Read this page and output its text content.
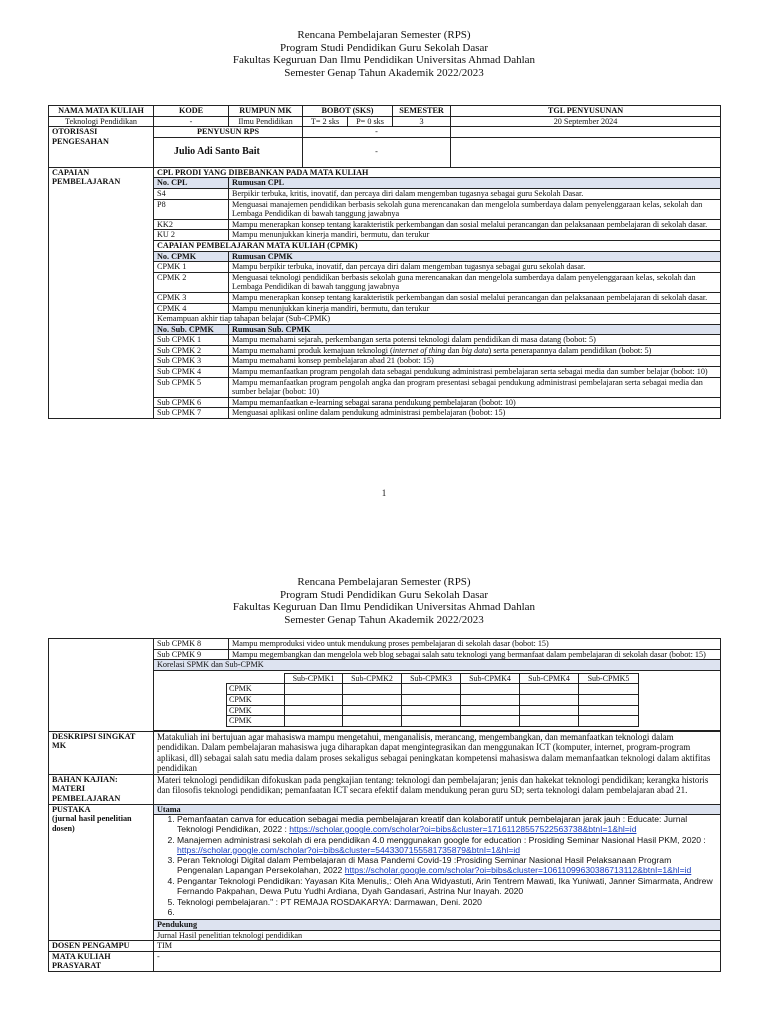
Rencana Pembelajaran Semester (RPS)
Program Studi Pendidikan Guru Sekolah Dasar
Fakultas Keguruan Dan Ilmu Pendidikan Universitas Ahmad Dahlan
Semester Genap Tahun Akademik 2022/2023
NAMA MATA KULIAH	KODE	RUMPUN MK	BOBOT (SKS)		SEMESTER	TGL PENYUSUNAN
Teknologi Pendidikan	-	Ilmu Pendidikan	T= 2 sks	P= 0 sks	3	20 September 2024
OTORISASI PENGESAHAN	PENYUSUN RPS		-			
	Julio Adi Santo Bait		-			
CAPAIAN PEMBELAJARAN	CPL PRODI YANG DIBEBANKAN PADA MATA KULIAH					
	No. CPL	Rumusan CPL				
	S4	Berpikir terbuka, kritis, inovatif, dan percaya diri dalam mengemban tugasnya sebagai guru Sekolah Dasar.				
	P8	Menguasai manajemen pendidikan berbasis sekolah guna merencanakan dan mengelola sumberdaya dalam penyelenggaraan kelas, sekolah dan Lembaga Pendidikan di bawah tanggung jawabnya				
	KK2	Mampu menerapkan konsep tentang karakteristik perkembangan dan sosial melalui perancangan dan pelaksanaan pembelajaran di sekolah dasar.				
	KU 2	Mampu menunjukkan kinerja mandiri, bermutu, dan terukur				
	CAPAIAN PEMBELAJARAN MATA KULIAH (CPMK)					
	No. CPMK	Rumusan CPMK				
	CPMK 1	Mampu berpikir terbuka, inovatif, dan percaya diri dalam mengemban tugasnya sebagai guru sekolah dasar.				
	CPMK 2	Menguasai teknologi pendidikan berbasis sekolah guna merencanakan dan mengelola sumberdaya dalam penyelenggaraan kelas, sekolah dan Lembaga Pendidikan di bawah tanggung jawabnya				
	CPMK 3	Mampu menerapkan konsep tentang karakteristik perkembangan dan sosial melalui perancangan dan pelaksanaan pembelajaran di sekolah dasar.				
	CPMK 4	Mampu menunjukkan kinerja mandiri, bermutu, dan terukur				
	Kemampuan akhir tiap tahapan belajar (Sub-CPMK)					
	No. Sub. CPMK	Rumusan Sub. CPMK				
	Sub CPMK 1	Mampu memahami sejarah, perkembangan serta potensi teknologi dalam pendidikan di masa datang (bobot: 5)				
	Sub CPMK 2	Mampu memahami produk kemajuan teknologi (internet of thing dan big data) serta penerapannya dalam pendidikan (bobot: 5)				
	Sub CPMK 3	Mampu memahami konsep pembelajaran abad 21 (bobot: 15)				
	Sub CPMK 4	Mampu memanfaatkan program pengolah data sebagai pendukung administrasi pembelajaran serta sebagai media dan sumber belajar (bobot: 10)				
	Sub CPMK 5	Mampu memanfaatkan program pengolah angka dan program presentasi sebagai pendukung administrasi pembelajaran serta sebagai media dan sumber belajar (bobot: 10)				
	Sub CPMK 6	Mampu memanfaatkan e-learning sebagai sarana pendukung pembelajaran (bobot: 10)				
	Sub CPMK 7	Menguasai aplikasi online dalam pendukung administrasi pembelajaran (bobot: 15)				
1
Rencana Pembelajaran Semester (RPS)
Program Studi Pendidikan Guru Sekolah Dasar
Fakultas Keguruan Dan Ilmu Pendidikan Universitas Ahmad Dahlan
Semester Genap Tahun Akademik 2022/2023
	Sub CPMK 8	Mampu memproduksi video untuk mendukung proses pembelajaran di sekolah dasar (bobot: 15)
Sub CPMK 9	Mampu megembangkan dan mengelola web blog sebagai salah satu teknologi yang bermanfaat dalam pembelajaran di sekolah dasar (bobot: 15)
Korelasi SPMK dan Sub-CPMK

	Sub-CPMK1	Sub-CPMK2	Sub-CPMK3	Sub-CPMK4	Sub-CPMK4	Sub-CPMK5
CPMK						
CPMK						
CPMK						
CPMK						

DESKRIPSI SINGKAT MK	Matakuliah ini bertujuan agar mahasiswa mampu mengetahui, menganalisis, merancang, mengembangkan, dan memanfaatkan teknologi dalam pendidikan. Dalam pembelajaran mahasiswa juga diharapkan dapat mengintegrasikan dan menggunakan ICT (komputer, internet, program-program aplikasi, dll) sebagai salah satu media dalam proses sekaligus sebagai peningkatan kompetensi mahasiswa dalam memanfaatkan teknologi dalam aktifitas pendidikan
BAHAN KAJIAN: MATERI PEMBELAJARAN	Materi teknologi pendidikan difokuskan pada pengkajian tentang: teknologi dan pembelajaran; jenis dan hakekat teknologi pendidikan; kerangka historis dan filosofis teknologi pendidikan; pemanfaatan ICT secara efektif dalam mendukung peran guru SD; serta teknologi dalam pembelajaran abad 21.

PUSTAKA
(jurnal hasil penelitian dosen)
	Utama

1. Pemanfaatan canva for education sebagai media pembelajaran kreatif dan kolaboratif untuk pembelajaran jarak jauh : Educate: Jurnal Teknologi Pendidikan, 2022 : https://scholar.google.com/scholar?oi=bibs&cluster=17161128557522563738&btnI=1&hl=id
2. Manajemen administrasi sekolah di era pendidikan 4.0 menggunakan google for education : Prosiding Seminar Nasional Hasil PKM, 2020 : https://scholar.google.com/scholar?oi=bibs&cluster=5443307155581735879&btnI=1&hl=id
3. Peran Teknologi Digital dalam Pembelajaran di Masa Pandemi Covid-19 :Prosiding Seminar Nasional Hasil Pelaksanaan Program Pengenalan Lapangan Persekolahan, 2022 https://scholar.google.com/scholar?oi=bibs&cluster=10611099630386713112&btnI=1&hl=id
4. Pengantar Teknologi Pendidikan: Yayasan Kita Menulis,: Oleh Ana Widyastuti, Arin Tentrem Mawati, Ika Yuniwati, Janner Simarmata, Andrew Fernando Pakpahan, Dewa Putu Yudhi Ardiana, Dyah Gandasari, Astrina Nur Inayah. 2020
5. Teknologi pembelajaran." : PT REMAJA ROSDAKARYA: Darmawan, Deni. 2020
6.

Pendukung
Jurnal Hasil penelitian teknologi pendidikan
DOSEN PENGAMPU	TIM
MATA KULIAH PRASYARAT	-
